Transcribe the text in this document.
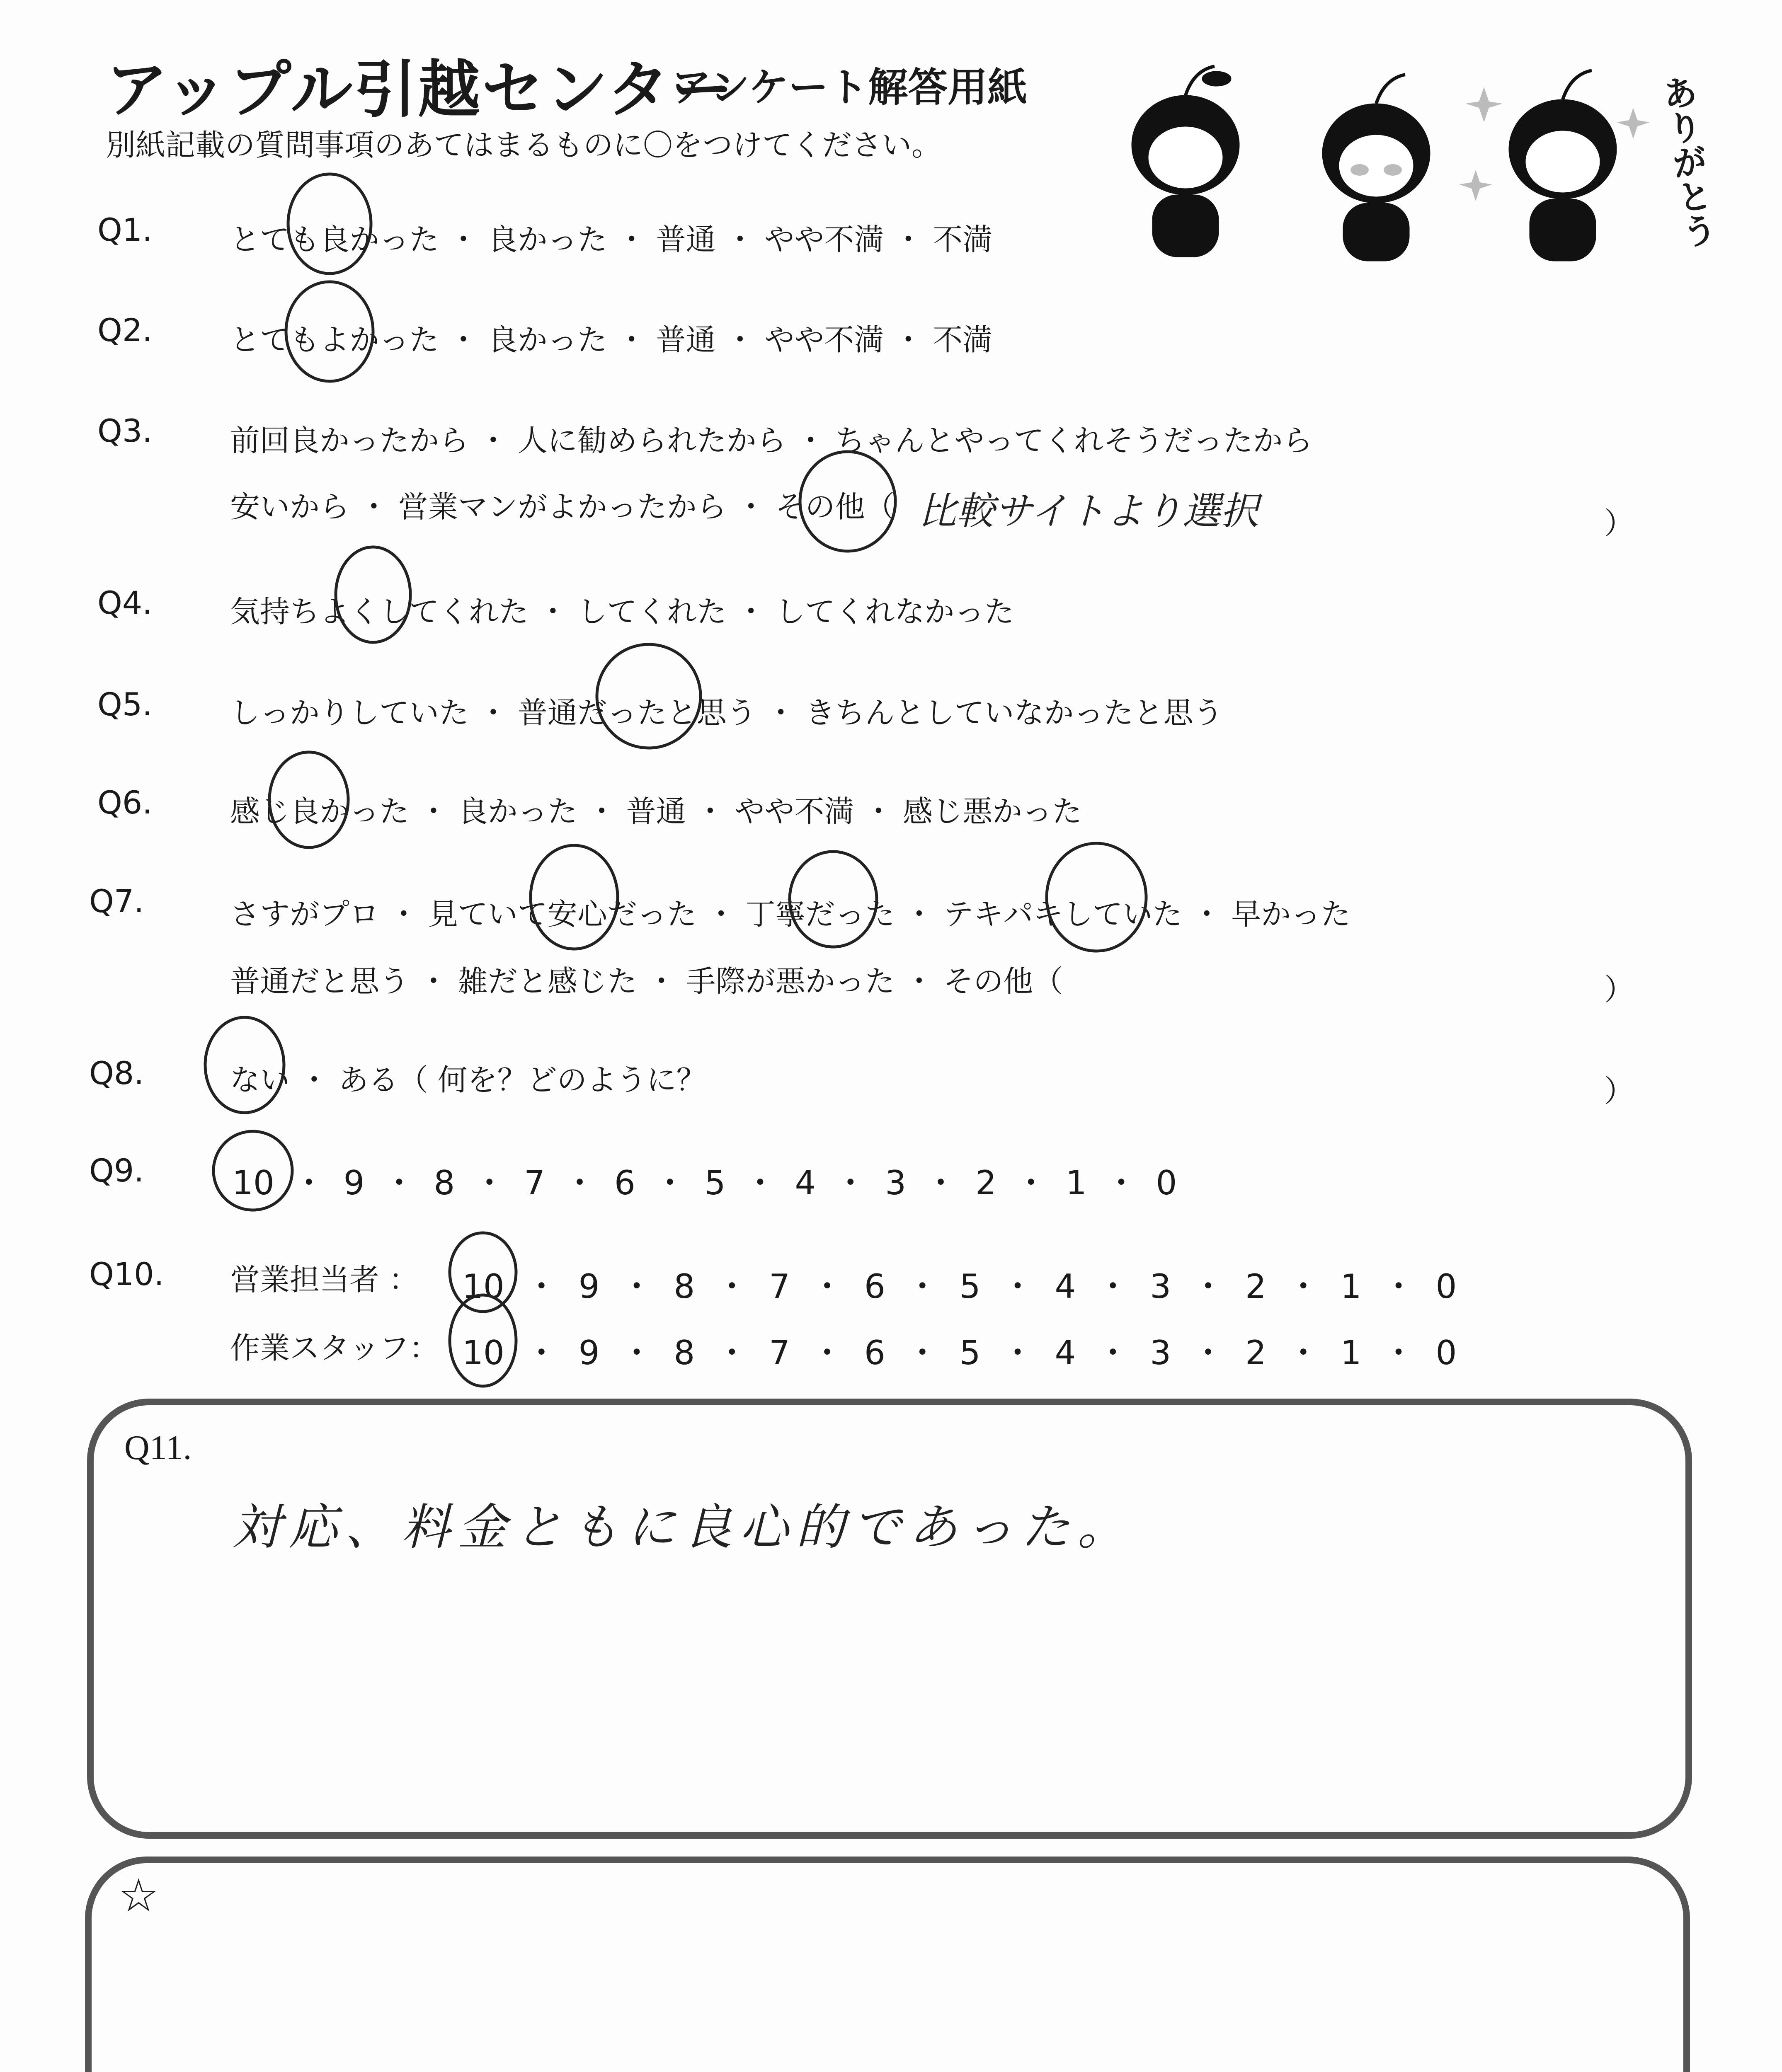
アップル引越センター
アンケート解答用紙
別紙記載の質問事項のあてはまるものに〇をつけてください。	ありがとう
Q1.	とても良かった ・ 良かった ・ 普通 ・ やや不満 ・ 不満
Q2.	とてもよかった ・ 良かった ・ 普通 ・ やや不満 ・ 不満
Q3.	前回良かったから ・ 人に勧められたから ・ ちゃんとやってくれそうだったから
安いから ・ 営業マンがよかったから ・ その他（ 比較サイトより選択	）
Q4.	気持ちよくしてくれた ・ してくれた ・ してくれなかった
Q5.	しっかりしていた ・ 普通だったと思う ・ きちんとしていなかったと思う
Q6.	感じ良かった ・ 良かった ・ 普通 ・ やや不満 ・ 感じ悪かった
Q7.	さすがプロ ・ 見ていて安心だった ・ 丁寧だった ・ テキパキしていた ・ 早かった
普通だと思う ・ 雑だと感じた ・ 手際が悪かった ・ その他（	）
Q8.	ない ・ ある（ 何を？どのように？	）
Q9.	10 ・ 9 ・ 8 ・ 7 ・ 6 ・ 5 ・ 4 ・ 3 ・ 2 ・ 1 ・ 0
Q10. 営業担当者 ： 10 ・ 9 ・ 8 ・ 7 ・ 6 ・ 5 ・ 4 ・ 3 ・ 2 ・ 1 ・ 0
作業スタッフ： 10 ・ 9 ・ 8 ・ 7 ・ 6 ・ 5 ・ 4 ・ 3 ・ 2 ・ 1 ・ 0
Q11.
対応、料金ともに良心的であった。
☆
